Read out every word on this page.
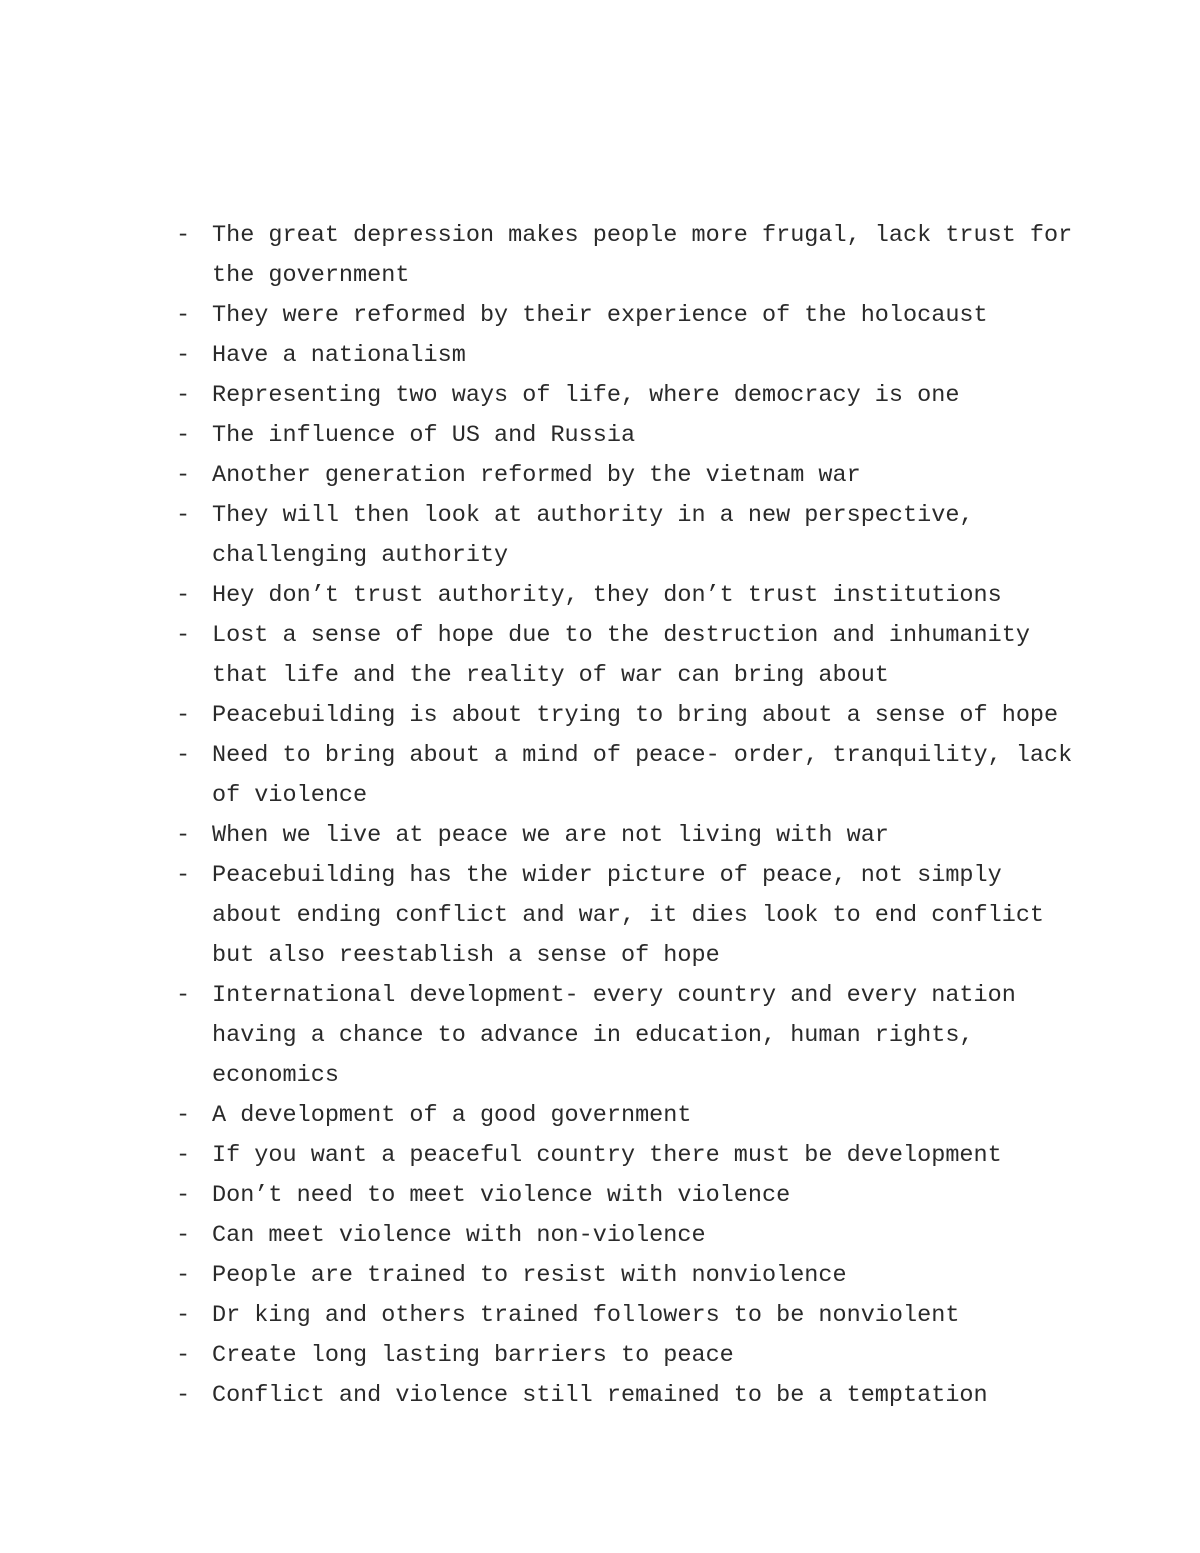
- The great depression makes people more frugal, lack trust for the government
- They were reformed by their experience of the holocaust
- Have a nationalism
- Representing two ways of life, where democracy is one
- The influence of US and Russia
- Another generation reformed by the vietnam war
- They will then look at authority in a new perspective, challenging authority
- Hey don’t trust authority, they don’t trust institutions
- Lost a sense of hope due to the destruction and inhumanity that life and the reality of war can bring about
- Peacebuilding is about trying to bring about a sense of hope
- Need to bring about a mind of peace- order, tranquility, lack of violence
- When we live at peace we are not living with war
- Peacebuilding has the wider picture of peace, not simply about ending conflict and war, it dies look to end conflict but also reestablish a sense of hope
- International development- every country and every nation having a chance to advance in education, human rights, economics
- A development of a good government
- If you want a peaceful country there must be development
- Don’t need to meet violence with violence
- Can meet violence with non-violence
- People are trained to resist with nonviolence
- Dr king and others trained followers to be nonviolent
- Create long lasting barriers to peace
- Conflict and violence still remained to be a temptation
